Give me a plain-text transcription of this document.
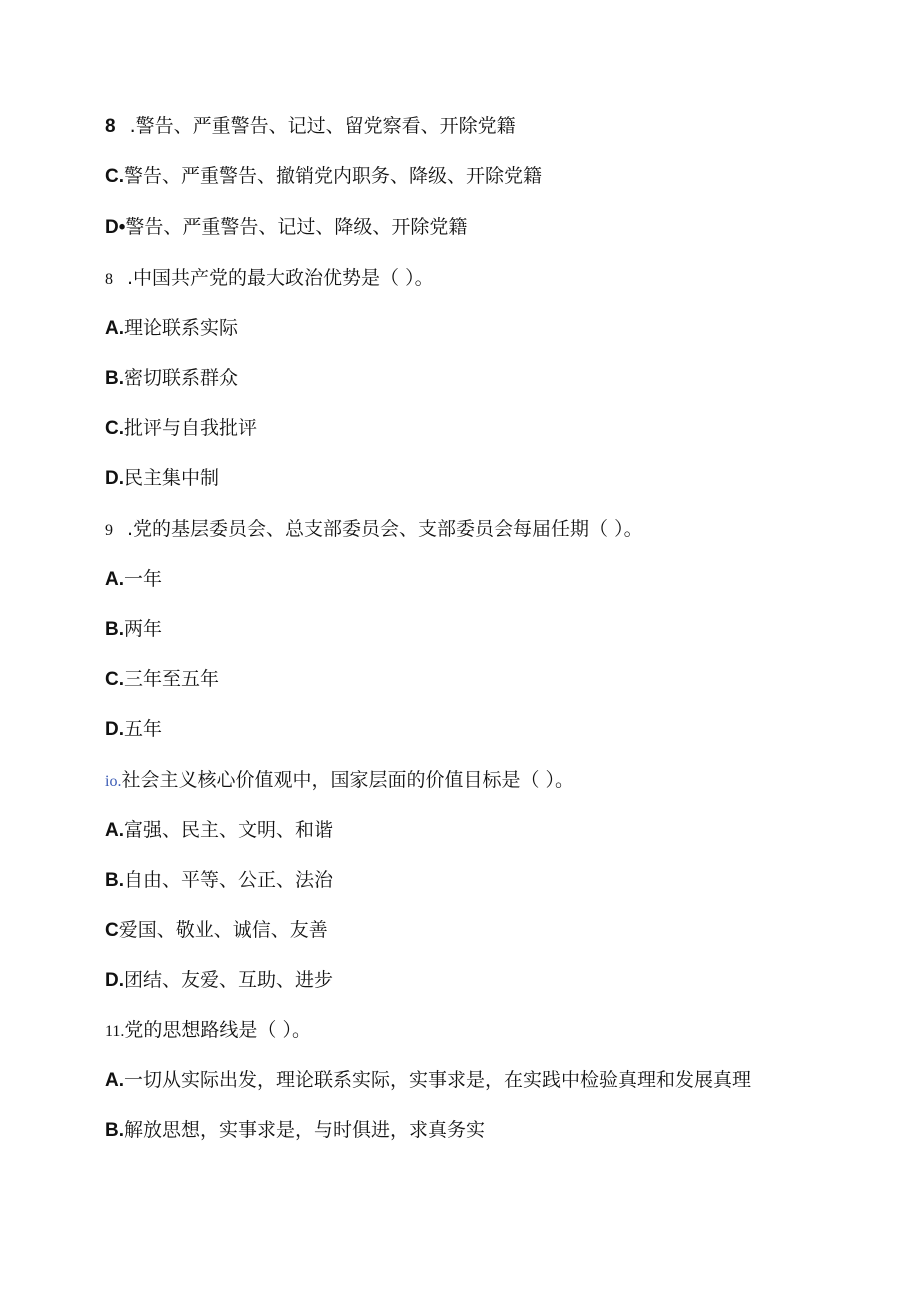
8 .警告、严重警告、记过、留党察看、开除党籍
C.警告、严重警告、撤销党内职务、降级、开除党籍
D•警告、严重警告、记过、降级、开除党籍
8 .中国共产党的最大政治优势是（ ）。
A.理论联系实际
B.密切联系群众
C.批评与自我批评
D.民主集中制
9 .党的基层委员会、总支部委员会、支部委员会每届任期（ ）。
A.一年
B.两年
C.三年至五年
D.五年
io.社会主义核心价值观中，国家层面的价值目标是（ ）。
A.富强、民主、文明、和谐
B.自由、平等、公正、法治
C爱国、敬业、诚信、友善
D.团结、友爱、互助、进步
11.党的思想路线是（ ）。
A.一切从实际出发，理论联系实际，实事求是，在实践中检验真理和发展真理
B.解放思想，实事求是，与时俱进，求真务实
